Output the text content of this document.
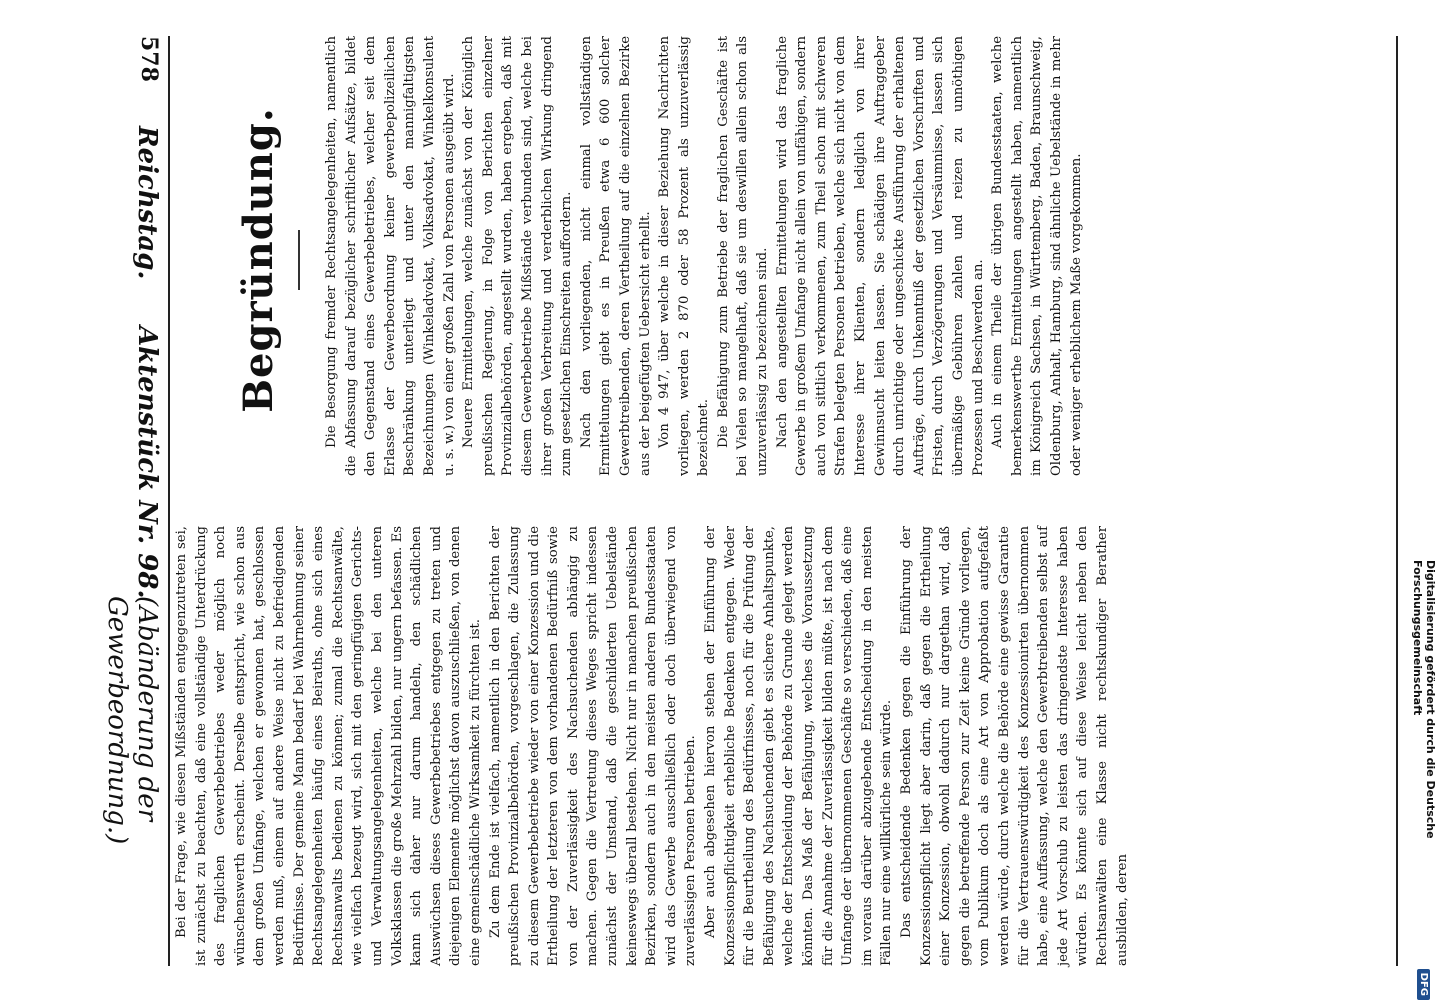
578
Reichstag.
Aktenstück Nr. 98.
(Abänderung der Gewerbeordnung.)
Begründung.	Die Besorgung fremder Rechtsangelegenheiten, namentlich die Abfassung darauf bezüglicher schriftlicher Aufsätze, bildet den Gegenstand eines Gewerbebetriebes, welcher seit dem Erlasse der Gewerbeordnung keiner gewerbepolizeilichen Beschränkung unterliegt und unter den mannigfaltigsten Bezeichnungen (Winkeladvokat, Volksadvokat, Winkelkonsulent u. s. w.) von einer großen Zahl von Personen ausgeübt wird. Neuere Ermittelungen, welche zunächst von der Königlich preußischen Regierung, in Folge von Berichten einzelner Provinzialbehörden, angestellt wurden, haben ergeben, daß mit diesem Gewerbebetriebe Mißstände verbunden sind, welche bei ihrer großen Verbreitung und verderblichen Wirkung dringend zum gesetzlichen Einschreiten auffordern. Nach den vorliegenden, nicht einmal vollständigen Ermittelungen giebt es in Preußen etwa 6 600 solcher Gewerbtreibenden, deren Vertheilung auf die einzelnen Bezirke aus der beigefügten Uebersicht erhellt. Von 4 947, über welche in dieser Beziehung Nachrichten vorliegen, werden 2 870 oder 58 Prozent als unzuverlässig bezeichnet. Die Befähigung zum Betriebe der fraglichen Geschäfte ist bei Vielen so mangelhaft, daß sie um deswillen allein schon als unzuverlässig zu bezeichnen sind. Nach den angestellten Ermittelungen wird das fragliche Gewerbe in großem Umfange nicht allein von unfähigen, sondern auch von sittlich verkommenen, zum Theil schon mit schweren Strafen belegten Personen betrieben, welche sich nicht von dem Interesse ihrer Klienten, sondern lediglich von ihrer Gewinnsucht leiten lassen. Sie schädigen ihre Auftraggeber durch unrichtige oder ungeschickte Ausführung der erhaltenen Aufträge, durch Unkenntniß der gesetzlichen Vorschriften und Fristen, durch Verzögerungen und Versäumnisse, lassen sich übermäßige Gebühren zahlen und reizen zu unnöthigen Prozessen und Beschwerden an. Auch in einem Theile der übrigen Bundesstaaten, welche bemerkenswerthe Ermittelungen angestellt haben, namentlich im Königreich Sachsen, in Württemberg, Baden, Braunschweig, Oldenburg, Anhalt, Hamburg, sind ähnliche Uebelstände in mehr oder weniger erheblichem Maße vorgekommen.

Bei der Frage, wie diesen Mißständen entgegenzutreten sei, ist zunächst zu beachten, daß eine vollständige Unterdrückung des fraglichen Gewerbebetriebes weder möglich noch wünschenswerth erscheint. Derselbe entspricht, wie schon aus dem großen Umfange, welchen er gewonnen hat, geschlossen werden muß, einem auf andere Weise nicht zu befriedigenden Bedürfnisse. Der gemeine Mann bedarf bei Wahrnehmung seiner Rechtsangelegenheiten häufig eines Beiraths, ohne sich eines Rechtsanwalts bedienen zu können; zumal die Rechtsanwälte, wie vielfach bezeugt wird, sich mit den geringfügigen Gerichts- und Verwaltungsangelegenheiten, welche bei den unteren Volksklassen die große Mehrzahl bilden, nur ungern befassen. Es kann sich daher nur darum handeln, den schädlichen Auswüchsen dieses Gewerbebetriebes entgegen zu treten und diejenigen Elemente möglichst davon auszuschließen, von denen eine gemeinschädliche Wirksamkeit zu fürchten ist. Zu dem Ende ist vielfach, namentlich in den Berichten der preußischen Provinzialbehörden, vorgeschlagen, die Zulassung zu diesem Gewerbebetriebe wieder von einer Konzession und die Ertheilung der letzteren von dem vorhandenen Bedürfniß sowie von der Zuverlässigkeit des Nachsuchenden abhängig zu machen. Gegen die Vertretung dieses Weges spricht indessen zunächst der Umstand, daß die geschilderten Uebelstände keineswegs überall bestehen. Nicht nur in manchen preußischen Bezirken, sondern auch in den meisten anderen Bundesstaaten wird das Gewerbe ausschließlich oder doch überwiegend von zuverlässigen Personen betrieben. Aber auch abgesehen hiervon stehen der Einführung der Konzessionspflichtigkeit erhebliche Bedenken entgegen. Weder für die Beurtheilung des Bedürfnisses, noch für die Prüfung der Befähigung des Nachsuchenden giebt es sichere Anhaltspunkte, welche der Entscheidung der Behörde zu Grunde gelegt werden könnten. Das Maß der Befähigung, welches die Voraussetzung für die Annahme der Zuverlässigkeit bilden müßte, ist nach dem Umfange der übernommenen Geschäfte so verschieden, daß eine im voraus darüber abzugebende Entscheidung in den meisten Fällen nur eine willkürliche sein würde. Das entscheidende Bedenken gegen die Einführung der Konzessionspflicht liegt aber darin, daß gegen die Ertheilung einer Konzession, obwohl dadurch nur dargethan wird, daß gegen die betreffende Person zur Zeit keine Gründe vorliegen, vom Publikum doch als eine Art von Approbation aufgefaßt werden würde, durch welche die Behörde eine gewisse Garantie für die Vertrauenswürdigkeit des Konzessionirten übernommen habe, eine Auffassung, welche den Gewerbtreibenden selbst auf jede Art Vorschub zu leisten das dringendste Interesse haben würden. Es könnte sich auf diese Weise leicht neben den Rechtsanwälten eine Klasse nicht rechtskundiger Berather ausbilden, deren

Digitalisierung gefördert durch die Deutsche Forschungsgemeinschaft
DFG
